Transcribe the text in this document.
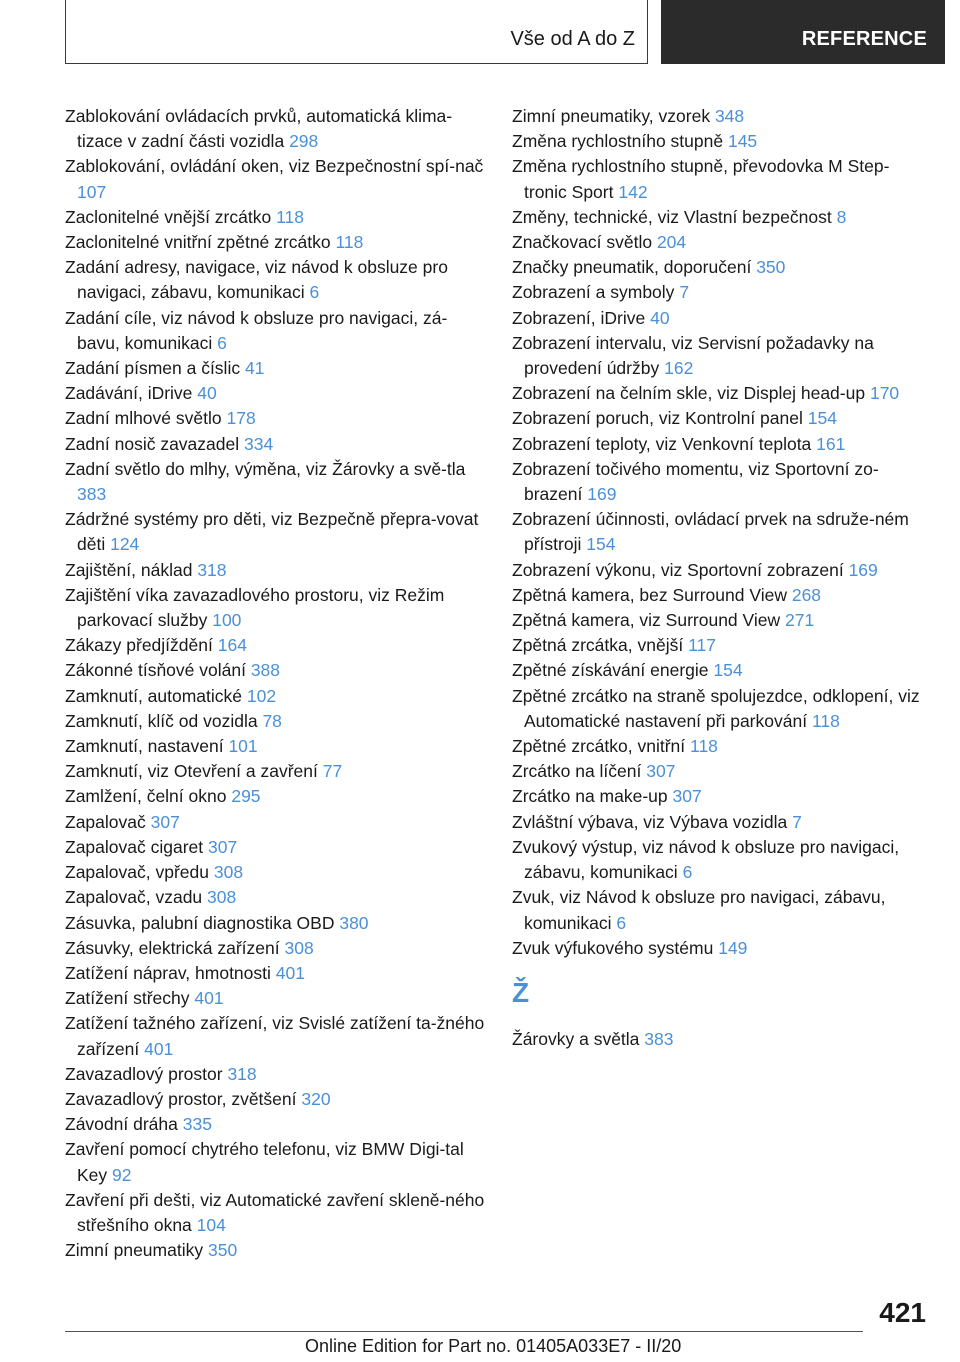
Vše od A do Z	REFERENCE
Zablokování ovládacích prvků, automatická klima-tizace v zadní části vozidla 298
Zablokování, ovládání oken, viz Bezpečnostní spí-nač 107
Zaclonitelné vnější zrcátko 118
Zaclonitelné vnitřní zpětné zrcátko 118
Zadání adresy, navigace, viz návod k obsluze pro navigaci, zábavu, komunikaci 6
Zadání cíle, viz návod k obsluze pro navigaci, zá-bavu, komunikaci 6
Zadání písmen a číslic 41
Zadávání, iDrive 40
Zadní mlhové světlo 178
Zadní nosič zavazadel 334
Zadní světlo do mlhy, výměna, viz Žárovky a svě-tla 383
Zádržné systémy pro děti, viz Bezpečně přepra-vovat děti 124
Zajištění, náklad 318
Zajištění víka zavazadlového prostoru, viz Režim parkovací služby 100
Zákazy předjíždění 164
Zákonné tísňové volání 388
Zamknutí, automatické 102
Zamknutí, klíč od vozidla 78
Zamknutí, nastavení 101
Zamknutí, viz Otevření a zavření 77
Zamlžení, čelní okno 295
Zapalovač 307
Zapalovač cigaret 307
Zapalovač, vpředu 308
Zapalovač, vzadu 308
Zásuvka, palubní diagnostika OBD 380
Zásuvky, elektrická zařízení 308
Zatížení náprav, hmotnosti 401
Zatížení střechy 401
Zatížení tažného zařízení, viz Svislé zatížení ta-žného zařízení 401
Zavazadlový prostor 318
Zavazadlový prostor, zvětšení 320
Závodní dráha 335
Zavření pomocí chytrého telefonu, viz BMW Digi-tal Key 92
Zavření při dešti, viz Automatické zavření skleně-ného střešního okna 104
Zimní pneumatiky 350
Zimní pneumatiky, vzorek 348
Změna rychlostního stupně 145
Změna rychlostního stupně, převodovka M Step-tronic Sport 142
Změny, technické, viz Vlastní bezpečnost 8
Značkovací světlo 204
Značky pneumatik, doporučení 350
Zobrazení a symboly 7
Zobrazení, iDrive 40
Zobrazení intervalu, viz Servisní požadavky na provedení údržby 162
Zobrazení na čelním skle, viz Displej head-up 170
Zobrazení poruch, viz Kontrolní panel 154
Zobrazení teploty, viz Venkovní teplota 161
Zobrazení točivého momentu, viz Sportovní zo-brazení 169
Zobrazení účinnosti, ovládací prvek na sdruže-ném přístroji 154
Zobrazení výkonu, viz Sportovní zobrazení 169
Zpětná kamera, bez Surround View 268
Zpětná kamera, viz Surround View 271
Zpětná zrcátka, vnější 117
Zpětné získávání energie 154
Zpětné zrcátko na straně spolujezdce, odklopení, viz Automatické nastavení při parkování 118
Zpětné zrcátko, vnitřní 118
Zrcátko na líčení 307
Zrcátko na make-up 307
Zvláštní výbava, viz Výbava vozidla 7
Zvukový výstup, viz návod k obsluze pro navigaci, zábavu, komunikaci 6
Zvuk, viz Návod k obsluze pro navigaci, zábavu, komunikaci 6
Zvuk výfukového systému 149
Ž
Žárovky a světla 383
421
Online Edition for Part no. 01405A033E7 - II/20
